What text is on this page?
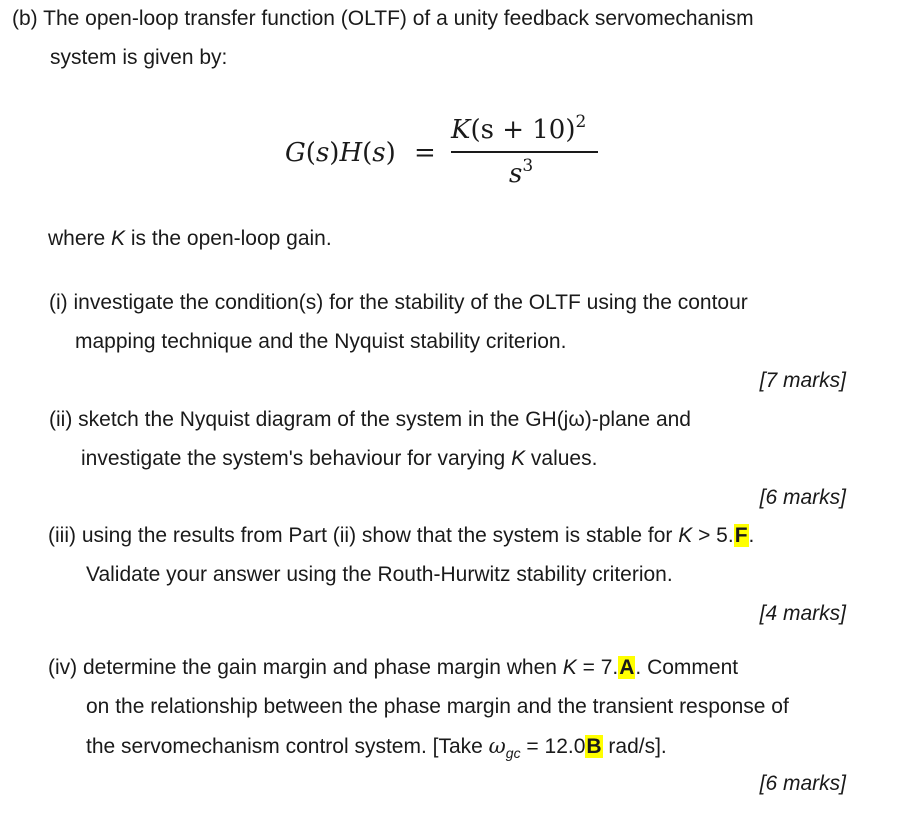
(b) The open-loop transfer function (OLTF) of a unity feedback servomechanism
system is given by:
G(s)H(s) =
$K(s + 10)^2$
$s^3$
where K is the open-loop gain.
(i) investigate the condition(s) for the stability of the OLTF using the contour
mapping technique and the Nyquist stability criterion.
[7 marks]
(ii) sketch the Nyquist diagram of the system in the GH(jω)-plane and
investigate the system's behaviour for varying K values.
[6 marks]
(iii) using the results from Part (ii) show that the system is stable for K > 5.F.
Validate your answer using the Routh-Hurwitz stability criterion.
[4 marks]
(iv) determine the gain margin and phase margin when K = 7.A. Comment
on the relationship between the phase margin and the transient response of
the servomechanism control system. [Take $\omega_{gc} = 12.0B$ rad/s].
[6 marks]
